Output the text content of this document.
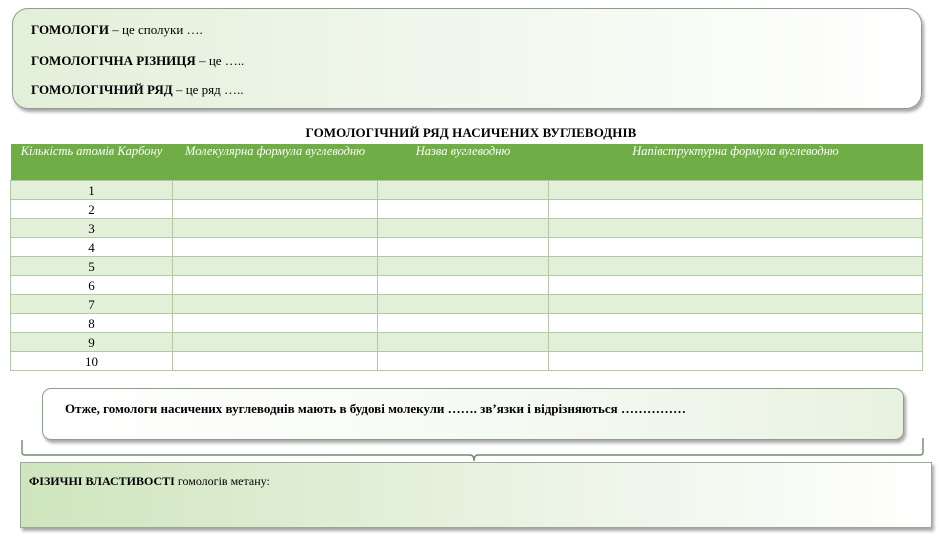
ГОМОЛОГИ – це сполуки ….
ГОМОЛОГІЧНА РІЗНИЦЯ – це …..
ГОМОЛОГІЧНИЙ РЯД – це ряд …..
ГОМОЛОГІЧНИЙ РЯД НАСИЧЕНИХ ВУГЛЕВОДНІВ
Кількість атомів Карбону	Молекулярна формула вуглеводню	Назва вуглеводню	Напівструктурна формула вуглеводню
1			
2			
3			
4			
5			
6			
7			
8			
9			
10			
Отже, гомологи насичених вуглеводнів мають в будові молекули ……. зв’язки і відрізняються ……………
ФІЗИЧНІ ВЛАСТИВОСТІ гомологів метану:
